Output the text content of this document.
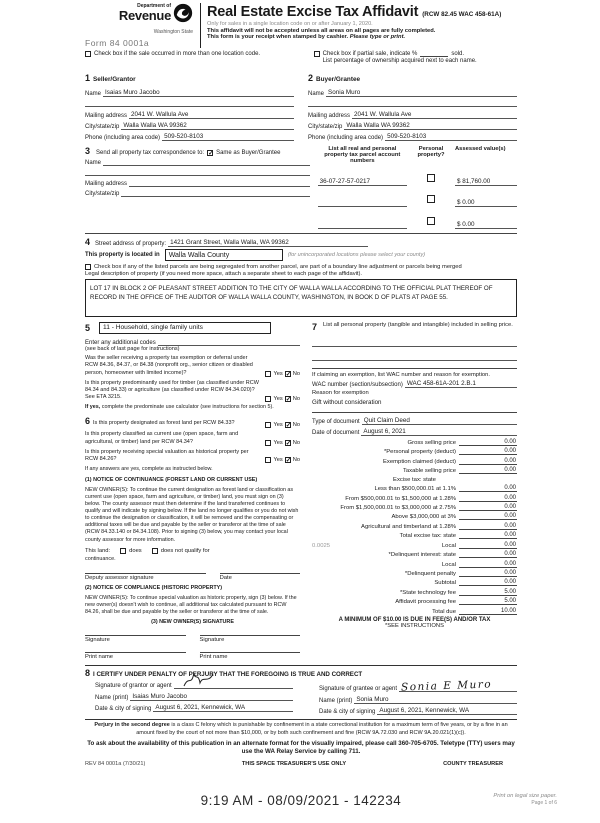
Department of
Revenue
Washington State
Form 84 0001a
Real Estate Excise Tax Affidavit (RCW 82.45 WAC 458-61A)
Only for sales in a single location code on or after January 1, 2020.
This affidavit will not be accepted unless all areas on all pages are fully completed.
This form is your receipt when stamped by cashier. Please type or print.
Check box if the sale occurred in more than one location code.	Check box if partial sale, indicate %	sold.
List percentage of ownership acquired next to each name.
1 Seller/Grantor
Name Isaias Muro Jacobo
Mailing address 2041 W. Wallula Ave
City/state/zip Walla Walla WA 99362
Phone (including area code) 509-520-8103
2 Buyer/Grantee
Name Sonia Muro
Mailing address 2041 W. Wallula Ave
City/state/zip Walla Walla WA 99362
Phone (including area code) 509-520-8103
3 Send all property tax correspondence to: ✓ Same as Buyer/Grantee
Name
Mailing address
City/state/zip
List all real and personal property tax parcel account numbers
Personal property?
Assessed value(s)
36-07-27-57-0217	$ 81,760.00
$ 0.00
$ 0.00
4 Street address of property: 1421 Grant Street, Walla Walla, WA 99362
This property is located in	Walla Walla County	(for unincorporated locations please select your county)
Check box if any of the listed parcels are being segregated from another parcel, are part of a boundary line adjustment or parcels being merged
Legal description of property (if you need more space, attach a separate sheet to each page of the affidavit).
LOT 17 IN BLOCK 2 OF PLEASANT STREET ADDITION TO THE CITY OF WALLA WALLA ACCORDING TO THE OFFICIAL PLAT THEREOF OF RECORD IN THE OFFICE OF THE AUDITOR OF WALLA WALLA COUNTY, WASHINGTON, IN BOOK D OF PLATS AT PAGE 55.
5	11 - Household, single family units
Enter any additional codes
(see back of last page for instructions)
Was the seller receiving a property tax exemption or deferral under RCW 84.36, 84.37, or 84.38 (nonprofit org., senior citizen or disabled person, homeowner with limited income)?	Yes ✓ No
Is this property predominantly used for timber (as classified under RCW 84.34 and 84.33) or agriculture (as classified under RCW 84.34.020)? See ETA 3215.	Yes ✓ No
If yes, complete the predominate use calculator (see instructions for section 5).
6 Is this property designated as forest land per RCW 84.33?	Yes ✓ No
Is this property classified as current use (open space, farm and agricultural, or timber) land per RCW 84.34?	Yes ✓ No
Is this property receiving special valuation as historical property per RCW 84.26?	Yes ✓ No
If any answers are yes, complete as instructed below.
(1) NOTICE OF CONTINUANCE (FOREST LAND OR CURRENT USE)
NEW OWNER(S): To continue the current designation as forest land or classification as current use (open space, farm and agriculture, or timber) land, you must sign on (3) below. The county assessor must then determine if the land transferred continues to qualify and will indicate by signing below. If the land no longer qualifies or you do not wish to continue the designation or classification, it will be removed and the compensating or additional taxes will be due and payable by the seller or transferor at the time of sale (RCW 84.33.140 or 84.34.108). Prior to signing (3) below, you may contact your local county assessor for more information.
This land:	does	does not qualify for
continuance.
Deputy assessor signature	Date
(2) NOTICE OF COMPLIANCE (HISTORIC PROPERTY)
NEW OWNER(S): To continue special valuation as historic property, sign (3) below. If the new owner(s) doesn't wish to continue, all additional tax calculated pursuant to RCW 84.26, shall be due and payable by the seller or transferor at the time of sale.
(3) NEW OWNER(S) SIGNATURE
Signature	Signature
Print name	Print name
7 List all personal property (tangible and intangible) included in selling price.
If claiming an exemption, list WAC number and reason for exemption.
WAC number (section/subsection) WAC 458-61A-201 2.B.1
Reason for exemption
Gift without consideration
Type of document Quit Claim Deed
Date of document August 6, 2021
Gross selling price	0.00
*Personal property (deduct)	0.00
Exemption claimed (deduct)	0.00
Taxable selling price	0.00
Excise tax: state
Less than $500,000.01 at 1.1%	0.00
From $500,000.01 to $1,500,000 at 1.28%	0.00
From $1,500,000.01 to $3,000,000 at 2.75%	0.00
Above $3,000,000 at 3%	0.00
Agricultural and timberland at 1.28%	0.00
Total excise tax: state	0.00
0.0025	Local	0.00
*Delinquent interest: state	0.00
Local	0.00
*Delinquent penalty	0.00
Subtotal	0.00
*State technology fee	5.00
Affidavit processing fee	5.00
Total due	10.00
A MINIMUM OF $10.00 IS DUE IN FEE(S) AND/OR TAX
*SEE INSTRUCTIONS
8 I CERTIFY UNDER PENALTY OF PERJURY THAT THE FOREGOING IS TRUE AND CORRECT
Signature of grantor or agent
Name (print) Isaias Muro Jacobo
Date & city of signing August 6, 2021, Kennewick, WA
Signature of grantee or agent Sonia E Muro
Name (print) Sonia Muro
Date & city of signing August 6, 2021, Kennewick, WA
Perjury in the second degree is a class C felony which is punishable by confinement in a state correctional institution for a maximum term of five years, or by a fine in an amount fixed by the court of not more than $10,000, or by both such confinement and fine (RCW 9A.72.030 and RCW 9A.20.021(1)(c)).
To ask about the availability of this publication in an alternate format for the visually impaired, please call 360-705-6705. Teletype (TTY) users may use the WA Relay Service by calling 711.
REV 84 0001a (7/30/21)	THIS SPACE TREASURER'S USE ONLY	COUNTY TREASURER
9:19 AM - 08/09/2021 - 142234	Print on legal size paper.
Page 1 of 6
